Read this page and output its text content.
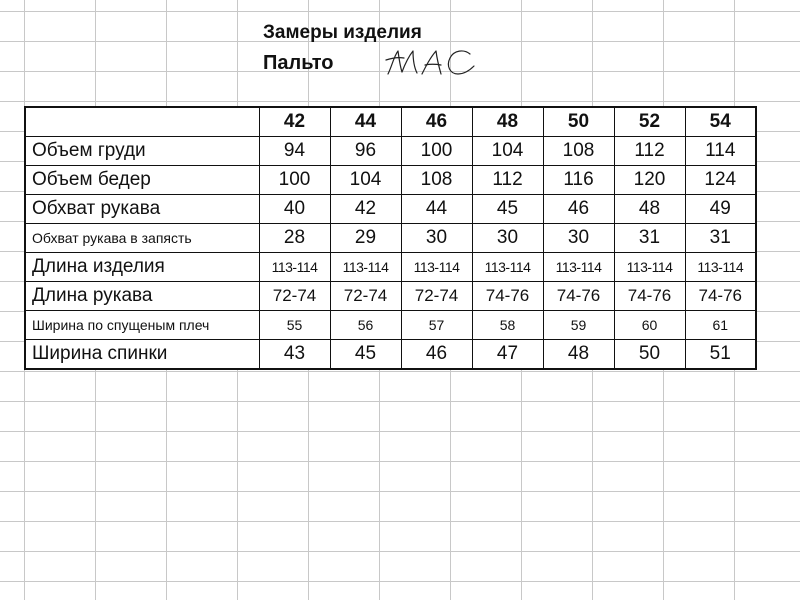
Замеры изделия
Пальто
	42	44	46	48	50	52	54
Объем груди	94	96	100	104	108	112	114
Объем бедер	100	104	108	112	116	120	124
Обхват рукава	40	42	44	45	46	48	49
Обхват рукава в запясть	28	29	30	30	30	31	31
Длина изделия	113-114	113-114	113-114	113-114	113-114	113-114	113-114
Длина рукава	72-74	72-74	72-74	74-76	74-76	74-76	74-76
Ширина по спущеным плеч	55	56	57	58	59	60	61
Ширина спинки	43	45	46	47	48	50	51
